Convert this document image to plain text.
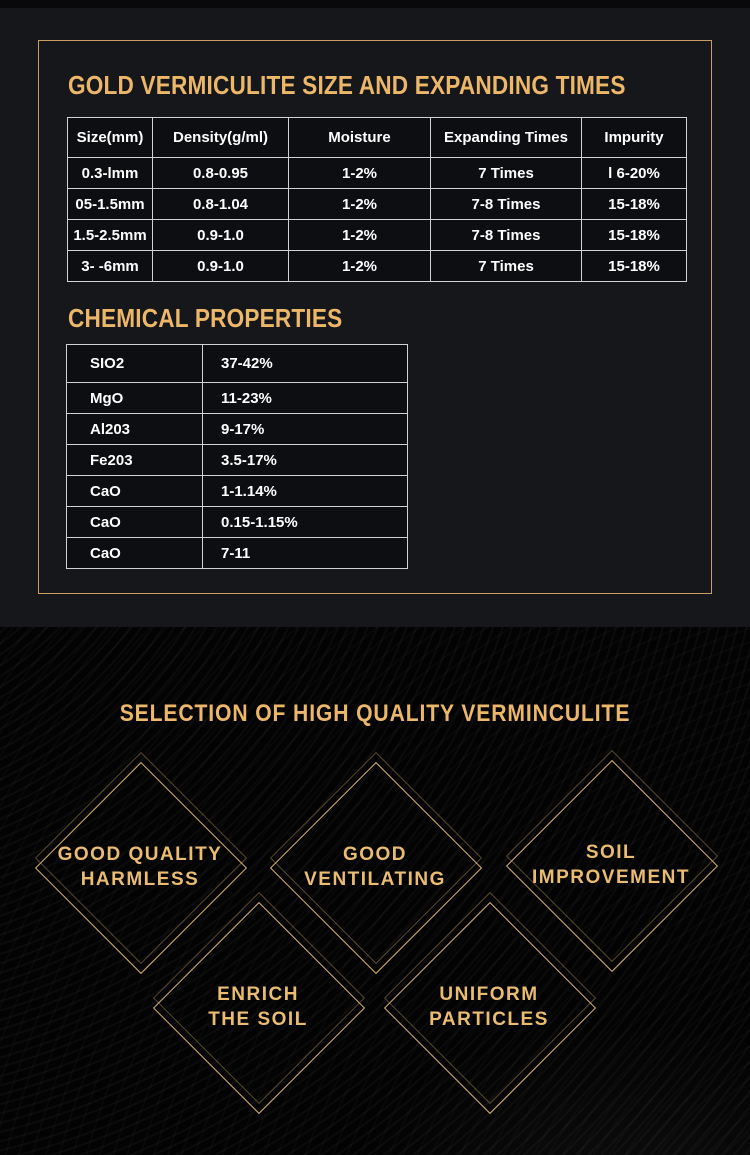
GOLD VERMICULITE SIZE AND EXPANDING TIMES
Size(mm)	Density(g/ml)	Moisture	Expanding Times	Impurity
0.3-lmm	0.8-0.95	1-2%	7 Times	l 6-20%
05-1.5mm	0.8-1.04	1-2%	7-8 Times	15-18%
1.5-2.5mm	0.9-1.0	1-2%	7-8 Times	15-18%
3- -6mm	0.9-1.0	1-2%	7 Times	15-18%
CHEMICAL PROPERTIES
SIO2	37-42%
MgO	11-23%
Al203	9-17%
Fe203	3.5-17%
CaO	1-1.14%
CaO	0.15-1.15%
CaO	7-11
SELECTION OF HIGH QUALITY VERMINCULITE
GOOD QUALITY
HARMLESS
GOOD
VENTILATING
SOIL
IMPROVEMENT
ENRICH
THE SOIL
UNIFORM
PARTICLES
